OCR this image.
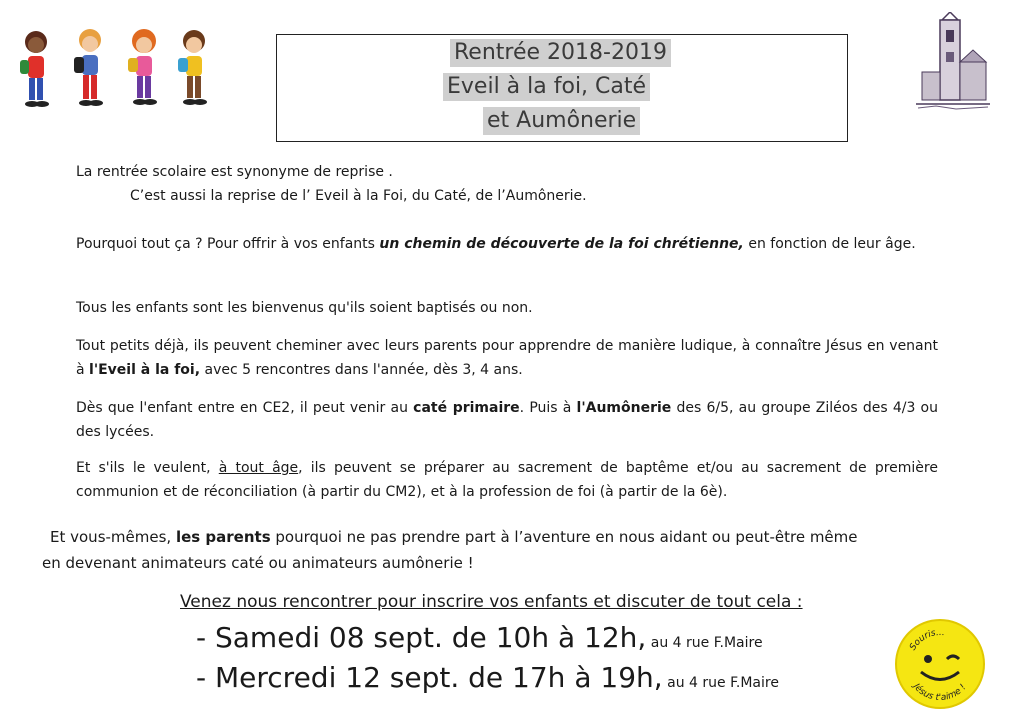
Rentrée 2018-2019
Eveil à la foi, Caté
et Aumônerie
La rentrée scolaire est synonyme de reprise .
C’est aussi la reprise de l’ Eveil à la Foi, du Caté, de l’Aumônerie.
Pourquoi tout ça ? Pour offrir à vos enfants un chemin de découverte de la foi chrétienne, en fonction de leur âge.
Tous les enfants sont les bienvenus qu'ils soient baptisés ou non.
Tout petits déjà, ils peuvent cheminer avec leurs parents pour apprendre de manière ludique, à connaître Jésus en venant à l'Eveil à la foi, avec 5 rencontres dans l'année, dès 3, 4 ans.
Dès que l'enfant entre en CE2, il peut venir au caté primaire. Puis à l'Aumônerie des 6/5, au groupe Ziléos des 4/3 ou des lycées.
Et s'ils le veulent, à tout âge, ils peuvent se préparer au sacrement de baptême et/ou au sacrement de première communion et de réconciliation (à partir du CM2), et à la profession de foi (à partir de la 6è).
Et vous-mêmes, les parents pourquoi ne pas prendre part à l’aventure en nous aidant ou peut-être même
en devenant animateurs caté ou animateurs aumônerie !
Venez nous rencontrer pour inscrire vos enfants et discuter de tout cela :
- Samedi 08 sept. de 10h à 12h, au 4 rue F.Maire
- Mercredi 12 sept. de 17h à 19h, au 4 rue F.Maire
Souris...
Jésus t'aime !
